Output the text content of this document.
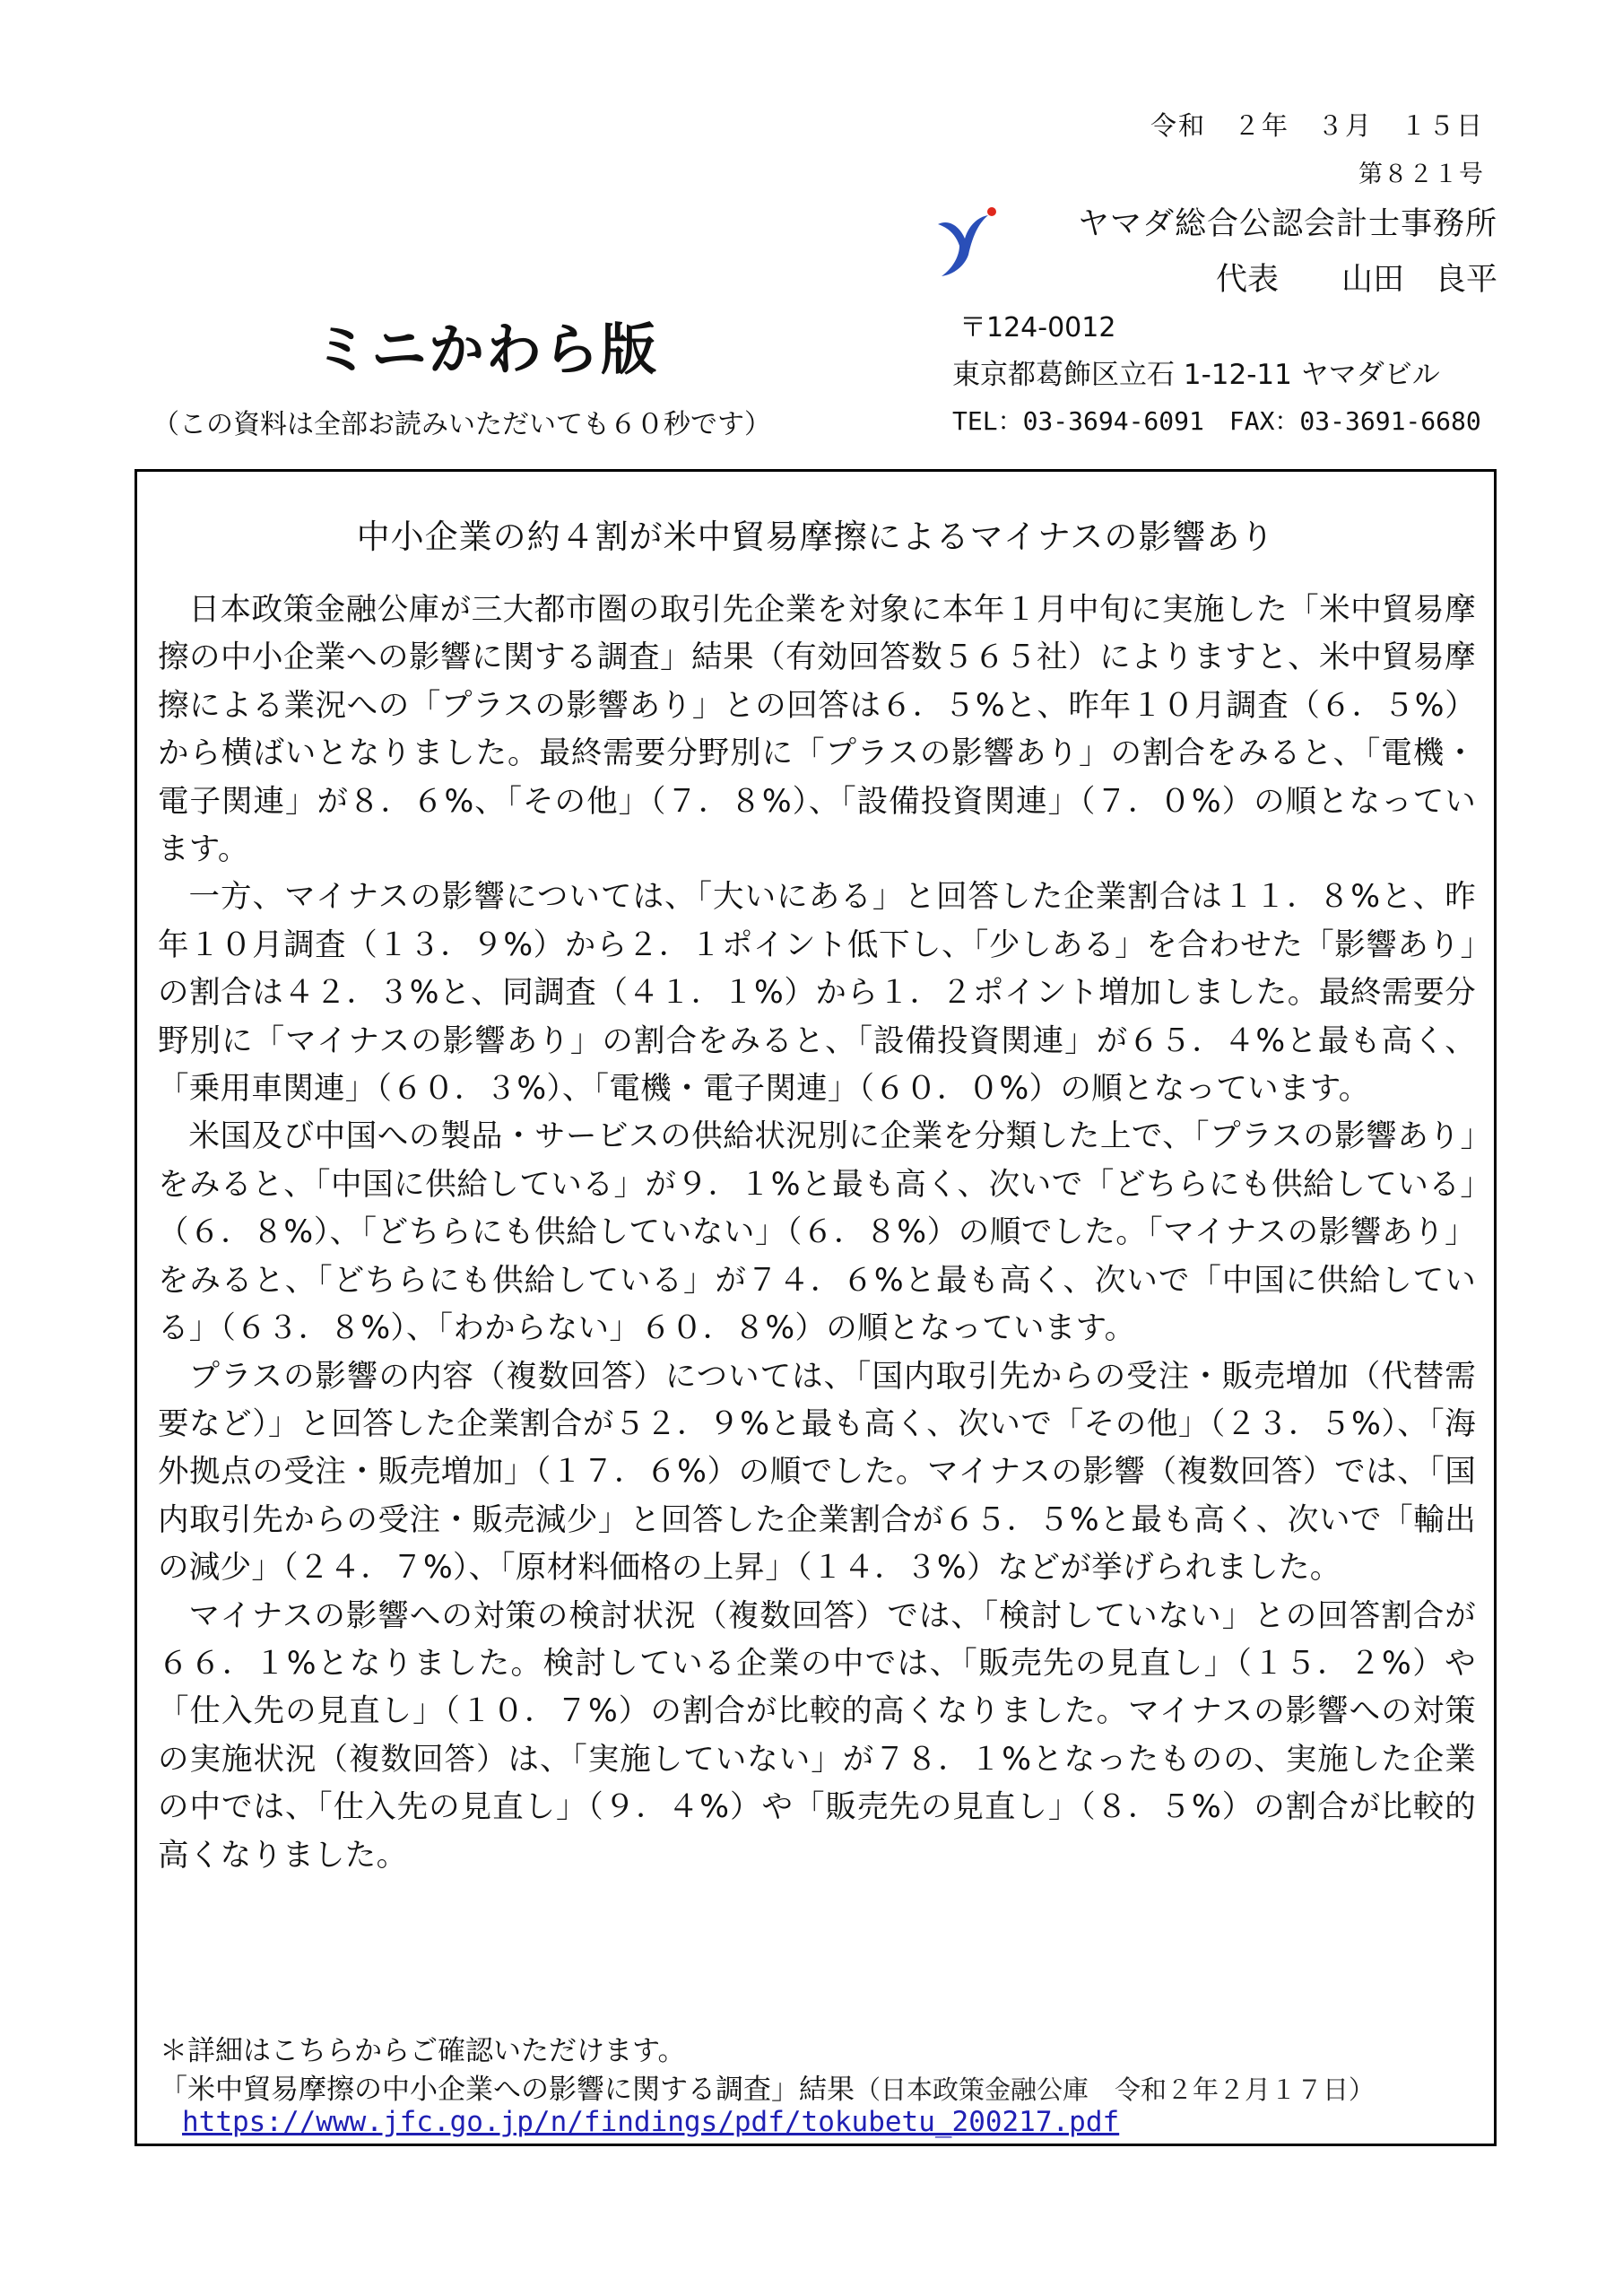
令和　２年　３月　１５日
第８２１号
ヤマダ総合公認会計士事務所
代表 山田 良平
〒124-0012
東京都葛飾区立石 1-12-11 ヤマダビル
TEL：03-3694-6091　FAX：03-3691-6680
ミニかわら版
（この資料は全部お読みいただいても６０秒です）
中小企業の約４割が米中貿易摩擦によるマイナスの影響あり

日本政策金融公庫が三大都市圏の取引先企業を対象に本年１月中旬に実施した「米中貿易摩擦の中小企業への影響に関する調査」結果（有効回答数５６５社）によりますと、米中貿易摩擦による業況への「プラスの影響あり」との回答は６．５%と、昨年１０月調査（６．５%）から横ばいとなりました。最終需要分野別に「プラスの影響あり」の割合をみると、「電機・電子関連」が８．６%、「その他」（７．８%）、「設備投資関連」（７．０%）の順となっています。

一方、マイナスの影響については、「大いにある」と回答した企業割合は１１．８%と、昨年１０月調査（１３．９%）から２．１ポイント低下し、「少しある」を合わせた「影響あり」の割合は４２．３%と、同調査（４１．１%）から１．２ポイント増加しました。最終需要分野別に「マイナスの影響あり」の割合をみると、「設備投資関連」が６５．４%と最も高く、「乗用車関連」（６０．３%）、「電機・電子関連」（６０．０%）の順となっています。

米国及び中国への製品・サービスの供給状況別に企業を分類した上で、「プラスの影響あり」をみると、「中国に供給している」が９．１%と最も高く、次いで「どちらにも供給している」（６．８%）、「どちらにも供給していない」（６．８%）の順でした。「マイナスの影響あり」をみると、「どちらにも供給している」が７４．６%と最も高く、次いで「中国に供給している」（６３．８%）、「わからない」６０．８%）の順となっています。

プラスの影響の内容（複数回答）については、「国内取引先からの受注・販売増加（代替需要など）」と回答した企業割合が５２．９%と最も高く、次いで「その他」（２３．５%）、「海外拠点の受注・販売増加」（１７．６%）の順でした。マイナスの影響（複数回答）では、「国内取引先からの受注・販売減少」と回答した企業割合が６５．５%と最も高く、次いで「輸出の減少」（２４．７%）、「原材料価格の上昇」（１４．３%）などが挙げられました。

マイナスの影響への対策の検討状況（複数回答）では、「検討していない」との回答割合が６６．１%となりました。検討している企業の中では、「販売先の見直し」（１５．２%）や「仕入先の見直し」（１０．７%）の割合が比較的高くなりました。マイナスの影響への対策の実施状況（複数回答）は、「実施していない」が７８．１%となったものの、実施した企業の中では、「仕入先の見直し」（９．４%）や「販売先の見直し」（８．５%）の割合が比較的高くなりました。

＊詳細はこちらからご確認いただけます。
「米中貿易摩擦の中小企業への影響に関する調査」結果（日本政策金融公庫　令和２年２月１７日）
https://www.jfc.go.jp/n/findings/pdf/tokubetu_200217.pdf
